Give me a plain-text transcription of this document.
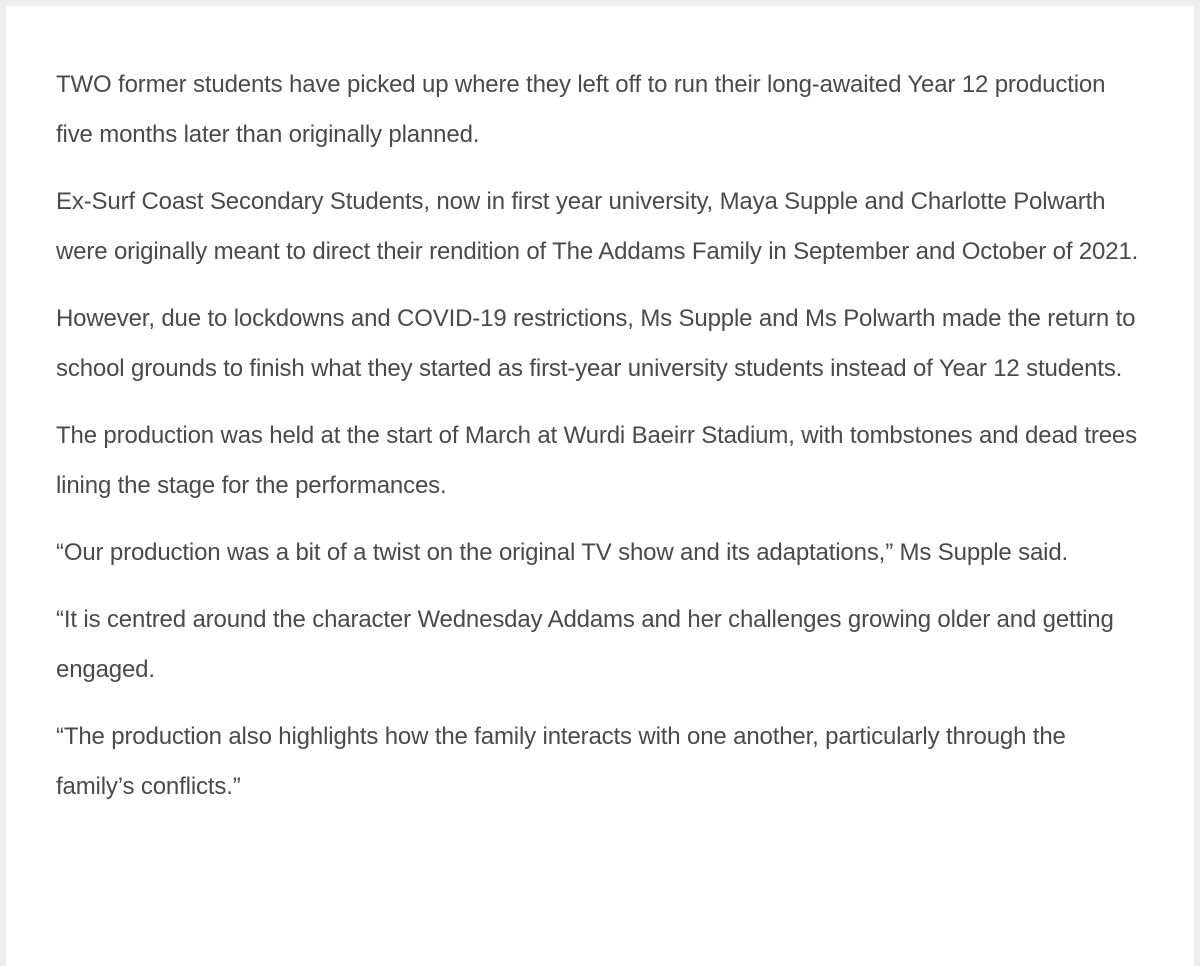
TWO former students have picked up where they left off to run their long-awaited Year 12 production five months later than originally planned.

Ex-Surf Coast Secondary Students, now in first year university, Maya Supple and Charlotte Polwarth were originally meant to direct their rendition of The Addams Family in September and October of 2021.

However, due to lockdowns and COVID-19 restrictions, Ms Supple and Ms Polwarth made the return to school grounds to finish what they started as first-year university students instead of Year 12 students.

The production was held at the start of March at Wurdi Baeirr Stadium, with tombstones and dead trees lining the stage for the performances.

“Our production was a bit of a twist on the original TV show and its adaptations,” Ms Supple said.

“It is centred around the character Wednesday Addams and her challenges growing older and getting engaged.

“The production also highlights how the family interacts with one another, particularly through the family’s conflicts.”
